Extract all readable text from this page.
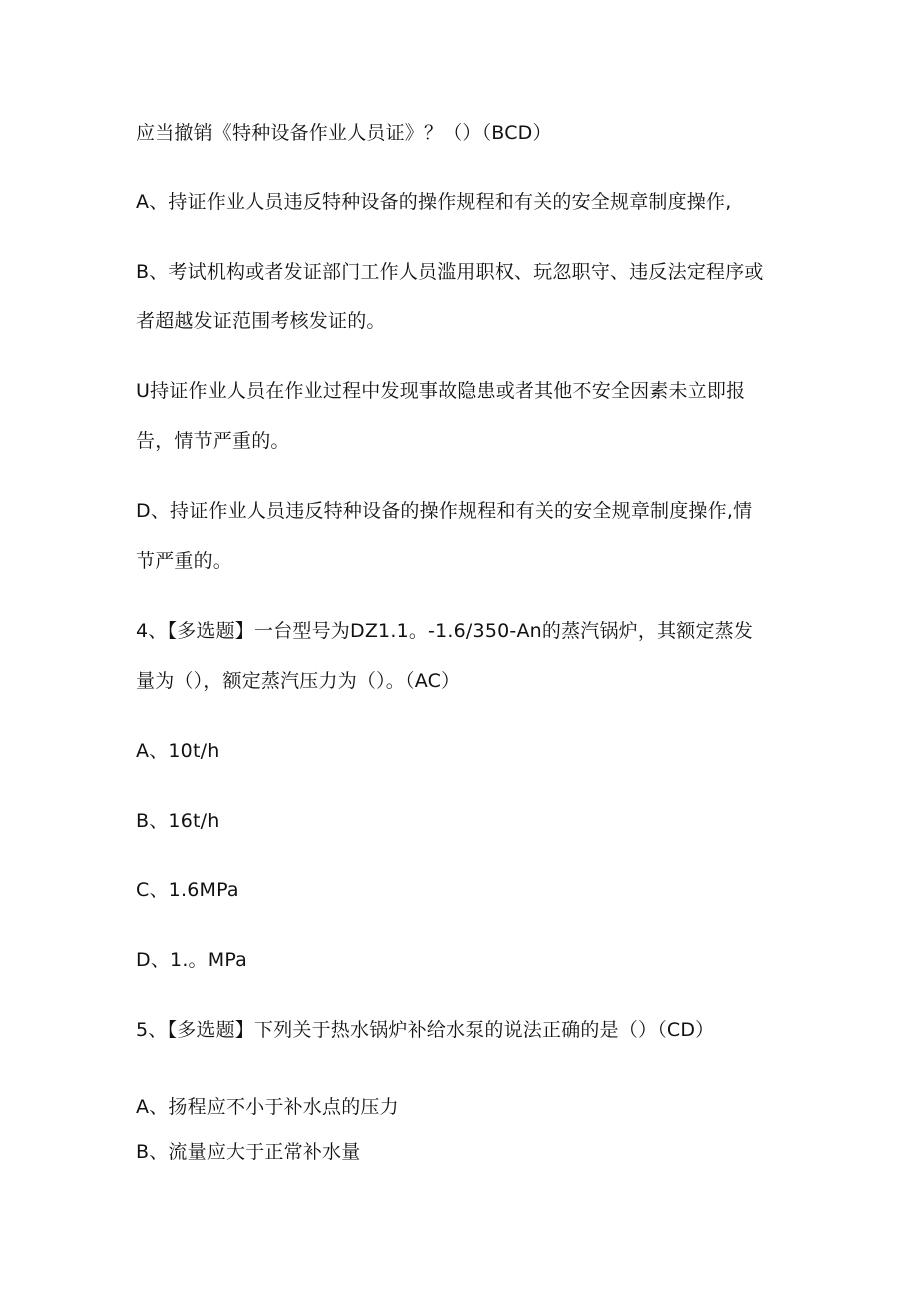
应当撤销《特种设备作业人员证》？（）（BCD）
A、持证作业人员违反特种设备的操作规程和有关的安全规章制度操作,
B、考试机构或者发证部门工作人员滥用职权、玩忽职守、违反法定程序或
者超越发证范围考核发证的。
U持证作业人员在作业过程中发现事故隐患或者其他不安全因素未立即报
告，情节严重的。
D、持证作业人员违反特种设备的操作规程和有关的安全规章制度操作,情
节严重的。
4、【多选题】一台型号为DZ1.1。-1.6/350-An的蒸汽锅炉，其额定蒸发
量为（），额定蒸汽压力为（）。（AC）
A、10t/h
B、16t/h
C、1.6MPa
D、1.。MPa
5、【多选题】下列关于热水锅炉补给水泵的说法正确的是（）（CD）
A、扬程应不小于补水点的压力
B、流量应大于正常补水量
